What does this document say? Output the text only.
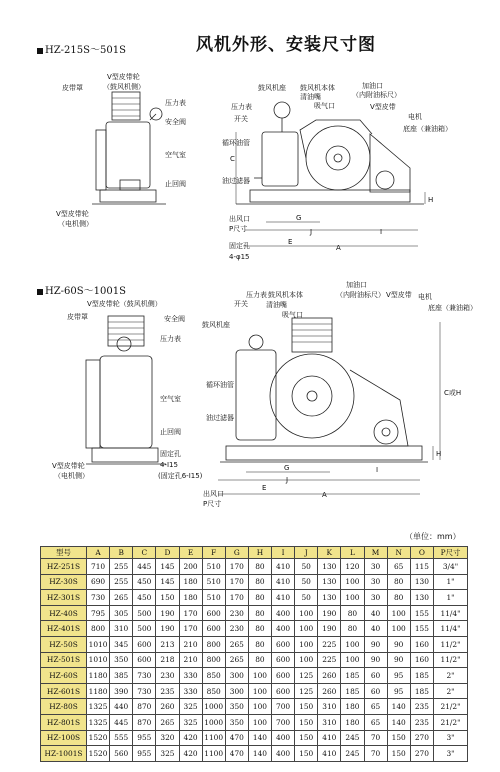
风机外形、安装尺寸图
HZ-215S～501S
HZ-60S～1001S
皮带罩
V型皮带轮
（鼓风机侧）
压力表
安全阀
空气室
止回阀
V型皮带轮
（电机侧）
鼓风机座 鼓风机本体
清油嘴
吸气口
加油口
（内附油标尺）
压力表
开关
V型皮带
电机
底座（兼油箱）
循环油管
油过滤器
出风口
P尺寸
固定孔
4-φ15
C
H
G
J	I
E
A
皮带罩
V型皮带轮（鼓风机侧）
安全阀
压力表
空气室
止回阀
固定孔
4-I15
(固定孔6-I15)
V型皮带轮
（电机侧）
加油口
（内附油标尺） V型皮带 电机
压力表 鼓风机本体
开关	清油嘴
吸气口
鼓风机座
底座（兼油箱）
循环油管
油过滤器
出风口
P尺寸
C或H
H
G
J
I
E
A
（单位：mm）
型号	A	B	C	D	E	F	G	H	I	J	K	L	M	N	O	P尺寸
HZ-251S	710	255	445	145	200	510	170	80	410	50	130	120	30	65	115	3/4"
HZ-30S	690	255	450	145	180	510	170	80	410	50	130	100	30	80	130	1"
HZ-301S	730	265	450	150	180	510	170	80	410	50	130	100	30	80	130	1"
HZ-40S	795	305	500	190	170	600	230	80	400	100	190	80	40	100	155	11/4"
HZ-401S	800	310	500	190	170	600	230	80	400	100	190	80	40	100	155	11/4"
HZ-50S	1010	345	600	213	210	800	265	80	600	100	225	100	90	90	160	11/2"
HZ-501S	1010	350	600	218	210	800	265	80	600	100	225	100	90	90	160	11/2"
HZ-60S	1180	385	730	230	330	850	300	100	600	125	260	185	60	95	185	2"
HZ-601S	1180	390	730	235	330	850	300	100	600	125	260	185	60	95	185	2"
HZ-80S	1325	440	870	260	325	1000	350	100	700	150	310	180	65	140	235	21/2"
HZ-801S	1325	445	870	265	325	1000	350	100	700	150	310	180	65	140	235	21/2"
HZ-100S	1520	555	955	320	420	1100	470	140	400	150	410	245	70	150	270	3"
HZ-1001S	1520	560	955	325	420	1100	470	140	400	150	410	245	70	150	270	3"
